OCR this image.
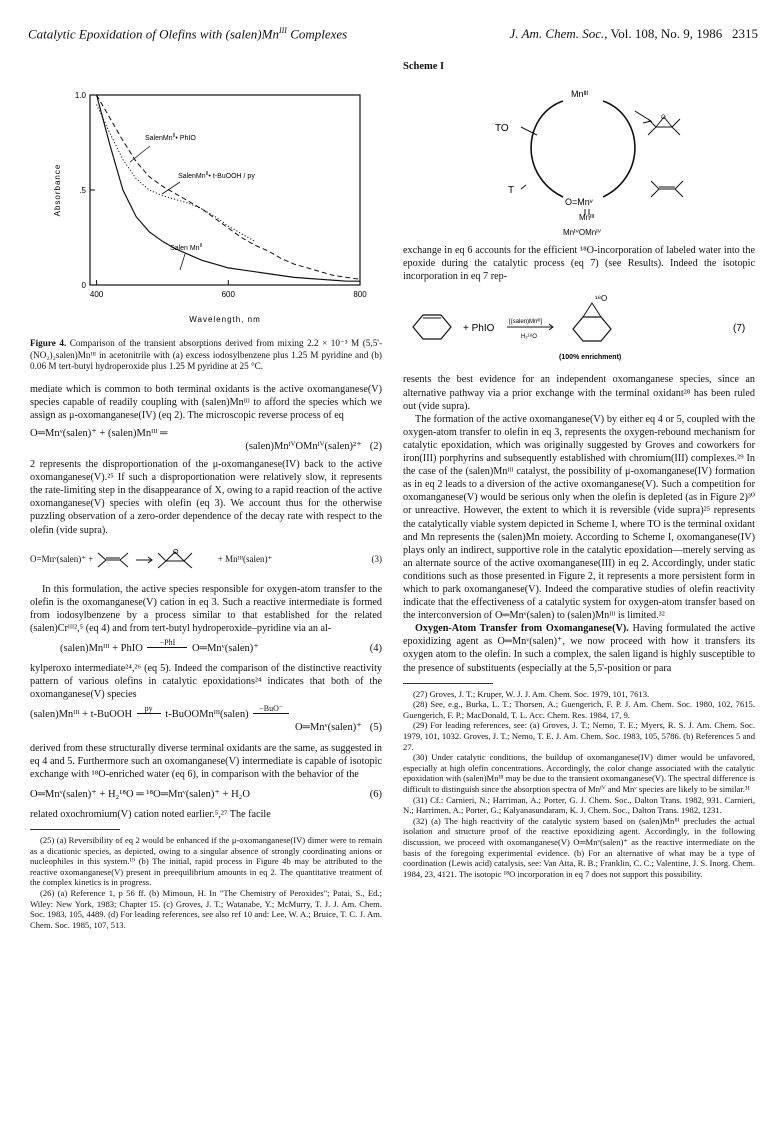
Catalytic Epoxidation of Olefins with $(salen)Mn^{III}$ Complexes	J. Am. Chem. Soc., Vol. 108, No. 9, 1986 2315
0
.5
1.0
400	600	800
Absorbance
Wavelength, nm
SalenMn$^{II}$• PhIO
SalenMn$^{II}$• t-BuOOH / py
Salen $Mn^{II}$
Figure 4. Comparison of the transient absorptions derived from mixing 2.2 × 10⁻³ M (5,5'-(NO₂)₂salen)Mnᴵᴵᴵ in acetonitrile with (a) excess iodosylbenzene plus 1.25 M pyridine and (b) 0.06 M tert-butyl hydroperoxide plus 1.25 M pyridine at 25 °C.

mediate which is common to both terminal oxidants is the active oxomanganese(V) species capable of readily coupling with (salen)Mnᴵᴵᴵ to afford the species which we assign as μ-oxomanganese(IV) (eq 2). The microscopic reverse process of eq

O═Mnᵛ(salen)⁺ + (salen)Mnᴵᴵᴵ ═
(salen)MnᴵⱽOMnᴵⱽ(salen)²⁺ (2)

2 represents the disproportionation of the μ-oxomanganese(IV) back to the active oxomanganese(V).²⁵ If such a disproportionation were relatively slow, it represents the rate-limiting step in the disappearance of X, owing to a rapid reaction of the active oxomanganese(V) species with olefin (eq 3). We account thus for the otherwise puzzling observation of a zero-order dependence of the decay rate with respect to the olefin (vide supra).

O=Mnᵛ(salen)⁺ +
O
+ Mnᴵᴵᴵ(salen)⁺	(3)

In this formulation, the active species responsible for oxygen-atom transfer to the olefin is the oxomanganese(V) cation in eq 3. Such a reactive intermediate is formed from iodosylbenzene by a process similar to that established for the related (salen)Crᴵᴵᴵ²,⁵ (eq 4) and from tert-butyl hydroperoxide–pyridine via an al-

(salen)Mnᴵᴵᴵ + PhIO −PhI
O═Mnᵛ(salen)⁺	(4)

kylperoxo intermediate²⁴,²⁶ (eq 5). Indeed the comparison of the distinctive reactivity pattern of various olefins in catalytic epoxidations²⁴ indicates that both of the oxomanganese(V) species

(salen)Mnᴵᴵᴵ + t-BuOOH py
t-BuOOMnᴵᴵᴵ(salen) −BuO⁻
O═Mnᵛ(salen)⁺ (5)

derived from these structurally diverse terminal oxidants are the same, as suggested in eq 4 and 5. Furthermore such an oxomanganese(V) intermediate is capable of isotopic exchange with ¹⁸O-enriched water (eq 6), in comparison with the behavior of the

O═Mnᵛ(salen)⁺ + H₂¹⁸O ═ ¹⁸O═Mnᵛ(salen)⁺ + H₂O	(6)

related oxochromium(V) cation noted earlier.⁵,²⁷ The facile

(25) (a) Reversibility of eq 2 would be enhanced if the μ-oxomanganese(IV) dimer were to remain as a dicationic species, as depicted, owing to a singular absence of strongly coordinating anions or nucleophiles in this system.¹⁹ (b) The initial, rapid process in Figure 4b may be attributed to the reactive oxomanganese(V) present in preequilibrium amounts in eq 2. The quantitative treatment of the complex kinetics is in progress.

(26) (a) Reference 1, p 56 ff. (b) Mimoun, H. In "The Chemistry of Peroxides"; Patai, S., Ed.; Wiley: New York, 1983; Chapter 15. (c) Groves, J. T.; Watanabe, Y.; McMurry, T. J. J. Am. Chem. Soc. 1983, 105, 4489. (d) For leading references, see also ref 10 and: Lee, W. A.; Bruice, T. C. J. Am. Chem. Soc. 1985, 107, 513.

Scheme I
Mnᴵᴵᴵ
TO
T
O=Mnᵛ
Mnᴵᴵᴵ
MnᴵⱽOMnᴵⱽ
O

exchange in eq 6 accounts for the efficient ¹⁸O-incorporation of labeled water into the epoxide during the catalytic process (eq 7) (see Results). Indeed the isotopic incorporation in eq 7 rep-

+ PhIO
[(salen)Mnᴵᴵᴵ]
H₂¹⁸O
¹⁸O
(100% enrichment)
(7)

resents the best evidence for an independent oxomanganese species, since an alternative pathway via a prior exchange with the terminal oxidant²⁸ has been ruled out (vide supra).

The formation of the active oxomanganese(V) by either eq 4 or 5, coupled with the oxygen-atom transfer to olefin in eq 3, represents the oxygen-rebound mechanism for catalytic epoxidation, which was originally suggested by Groves and coworkers for iron(III) porphyrins and subsequently established with chromium(III) complexes.²⁹ In the case of the (salen)Mnᴵᴵᴵ catalyst, the possibility of μ-oxomanganese(IV) formation as in eq 2 leads to a diversion of the active oxomanganese(V). Such a competition for oxomanganese(V) would be serious only when the olefin is depleted (as in Figure 2)³⁰ or unreactive. However, the extent to which it is reversible (vide supra)²⁵ represents the catalytically viable system depicted in Scheme I, where TO is the terminal oxidant and Mn represents the (salen)Mn moiety. According to Scheme I, oxomanganese(IV) plays only an indirect, supportive role in the catalytic epoxidation—merely serving as an alternate source of the active oxomanganese(III) in eq 2. Accordingly, under static conditions such as those presented in Figure 2, it represents a more persistent form in which to park oxomanganese(V). Indeed the comparative studies of olefin reactivity indicate that the effectiveness of a catalytic system for oxygen-atom transfer based on the interconversion of O═Mnᵛ(salen) to (salen)Mnᴵᴵᴵ is limited.³²

Oxygen-Atom Transfer from Oxomanganese(V). Having formulated the active epoxidizing agent as O═Mnᵛ(salen)⁺, we now proceed with how it transfers its oxygen atom to the olefin. In such a complex, the salen ligand is highly susceptible to the presence of substituents (especially at the 5,5'-position or para

(27) Groves, J. T.; Kruper, W. J. J. Am. Chem. Soc. 1979, 101, 7613.

(28) See, e.g., Burka, L. T.; Thorsen, A.; Guengerich, F. P. J. Am. Chem. Soc. 1980, 102, 7615. Guengerich, F. P.; MacDonald, T. L. Acc. Chem. Res. 1984, 17, 9.

(29) For leading references, see: (a) Groves, J. T.; Nemo, T. E.; Myers, R. S. J. Am. Chem. Soc. 1979, 101, 1032. Groves, J. T.; Nemo, T. E. J. Am. Chem. Soc. 1983, 105, 5786. (b) References 5 and 27.

(30) Under catalytic conditions, the buildup of oxomanganese(IV) dimer would be unfavored, especially at high olefin concentrations. Accordingly, the color change associated with the catalytic epoxidation with (salen)Mnᴵᴵᴵ may be due to the transient oxomanganese(V). The spectral difference is difficult to distinguish since the absorption spectra of Mnᴵⱽ and Mnᵛ species are likely to be similar.³¹

(31) Cf.: Carnieri, N.; Harriman, A.; Porter, G. J. Chem. Soc., Dalton Trans. 1982, 931. Carnieri, N.; Harrimen, A.; Porter, G.; Kalyanasundaram, K. J. Chem. Soc., Dalton Trans. 1982, 1231.

(32) (a) The high reactivity of the catalytic system based on (salen)Mnᴵᴵᴵ precludes the actual isolation and structure proof of the reactive epoxidizing agent. Accordingly, in the following discussion, we proceed with oxomanganese(V) O═Mnᵛ(salen)⁺ as the reactive intermediate on the basis of the foregoing experimental evidence. (b) For an alternative of what may be a type of coordination (Lewis acid) catalysis, see: Van Atta, R. B.; Franklin, C. C.; Valentine, J. S. Inorg. Chem. 1984, 23, 4121. The isotopic ¹⁸O incorporation in eq 7 does not support this possibility.
